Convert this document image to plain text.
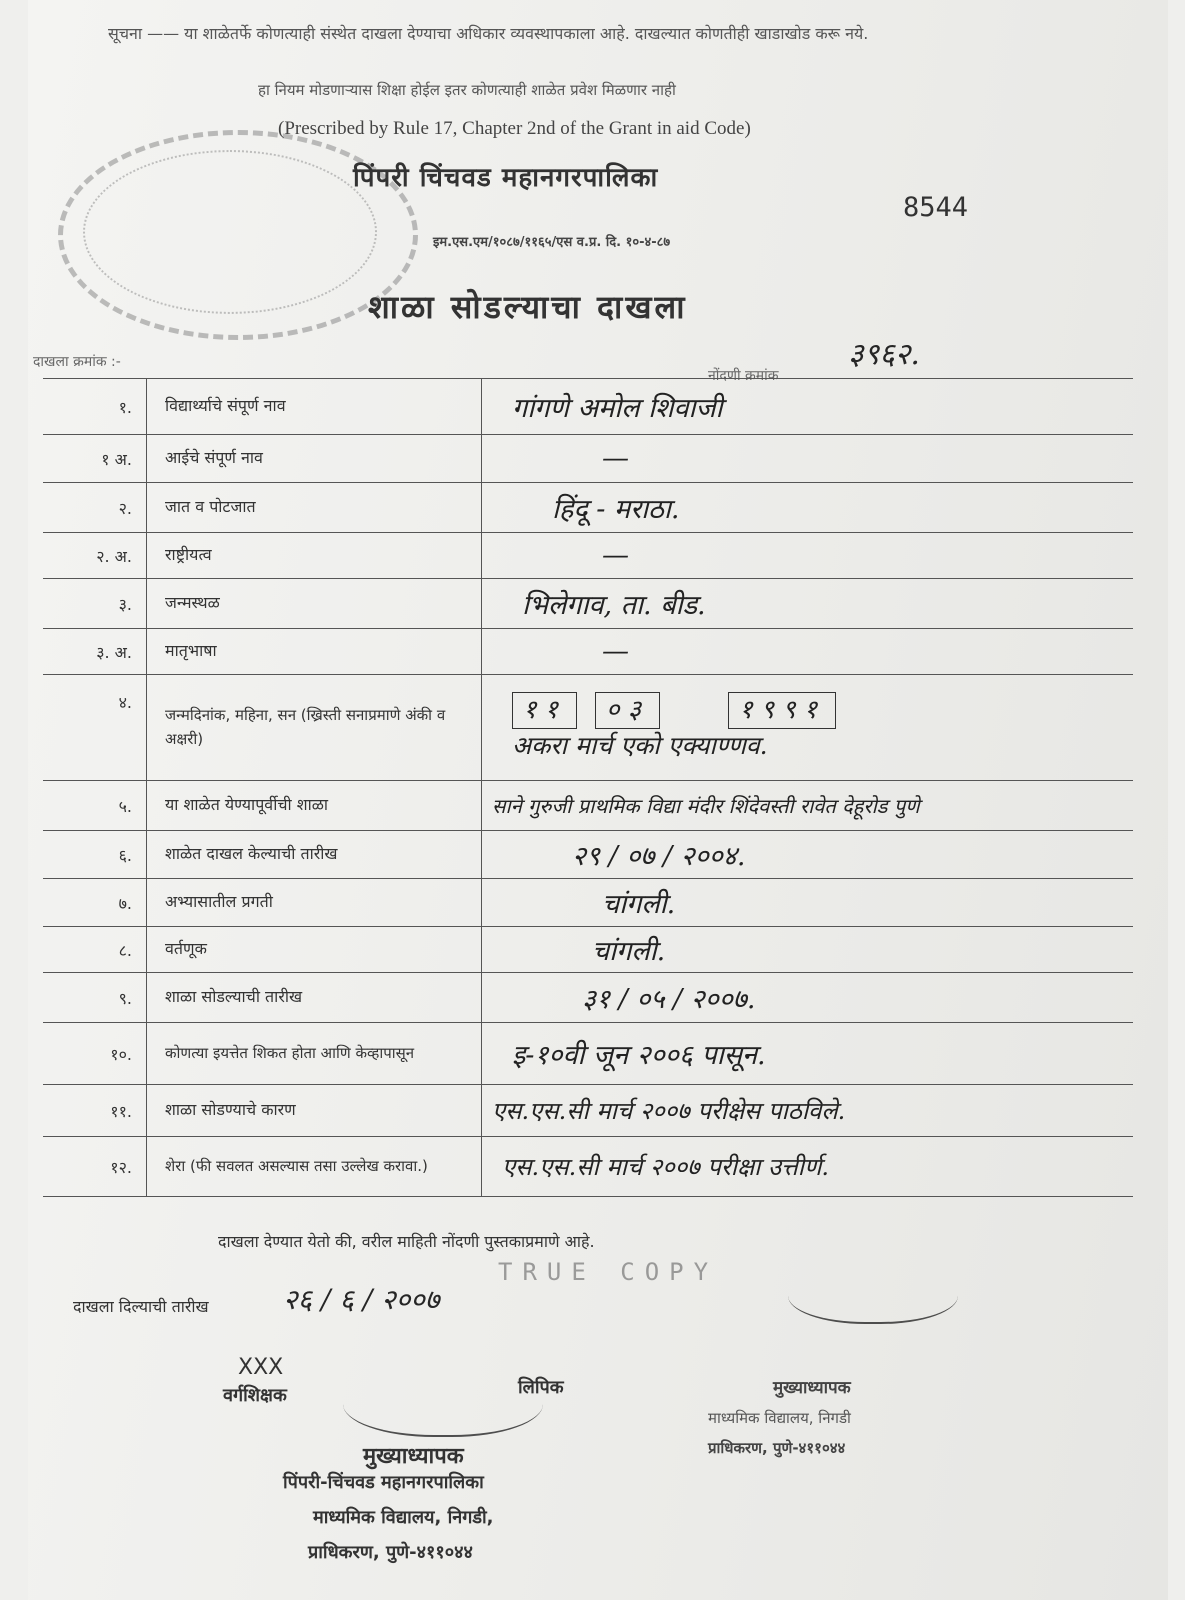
सूचना —— या शाळेतर्फे कोणत्याही संस्थेत दाखला देण्याचा अधिकार व्यवस्थापकाला आहे. दाखल्यात कोणतीही खाडाखोड करू नये.
हा नियम मोडणाऱ्यास शिक्षा होईल इतर कोणत्याही शाळेत प्रवेश मिळणार नाही
(Prescribed by Rule 17, Chapter 2nd of the Grant in aid Code)
पिंपरी चिंचवड महानगरपालिका
8544
इम.एस.एम/१०८७/११६५/एस व.प्र. दि. १०-४-८७
शाळा सोडल्याचा दाखला
दाखला क्रमांक :-
नोंदणी क्रमांक
३९६२.
१.	विद्यार्थ्याचे संपूर्ण नाव	गांगणे अमोल शिवाजी
१ अ.	आईचे संपूर्ण नाव	—
२.	जात व पोटजात	हिंदू - मराठा.
२. अ.	राष्ट्रीयत्व	—
३.	जन्मस्थळ	भिलेगाव, ता. बीड.
३. अ.	मातृभाषा	—
४.	जन्मदिनांक, महिना, सन (ख्रिस्ती सनाप्रमाणे अंकी व अक्षरी)	११ ०३ १९९१
अकरा मार्च एको एक्याण्णव.

५.	या शाळेत येण्यापूर्वीची शाळा	साने गुरुजी प्राथमिक विद्या मंदीर शिंदेवस्ती रावेत देहूरोड पुणे
६.	शाळेत दाखल केल्याची तारीख	२९ / ०७ / २००४.
७.	अभ्यासातील प्रगती	चांगली.
८.	वर्तणूक	चांगली.
९.	शाळा सोडल्याची तारीख	३१ / ०५ / २००७.
१०.	कोणत्या इयत्तेत शिकत होता आणि केव्हापासून	इ-१०वी जून २००६ पासून.
११.	शाळा सोडण्याचे कारण	एस.एस.सी मार्च २००७ परीक्षेस पाठविले.
१२.	शेरा (फी सवलत असल्यास तसा उल्लेख करावा.)	एस.एस.सी मार्च २००७ परीक्षा उत्तीर्ण.
दाखला देण्यात येतो की, वरील माहिती नोंदणी पुस्तकाप्रमाणे आहे.
TRUE COPY
दाखला दिल्याची तारीख	२६ / ६ / २००७
XXX
वर्गशिक्षक	लिपिक
मुख्याध्यापक
पिंपरी-चिंचवड महानगरपालिका
माध्यमिक विद्यालय, निगडी,
प्राधिकरण, पुणे-४११०४४
मुख्याध्यापक
माध्यमिक विद्यालय, निगडी
प्राधिकरण, पुणे-४११०४४
